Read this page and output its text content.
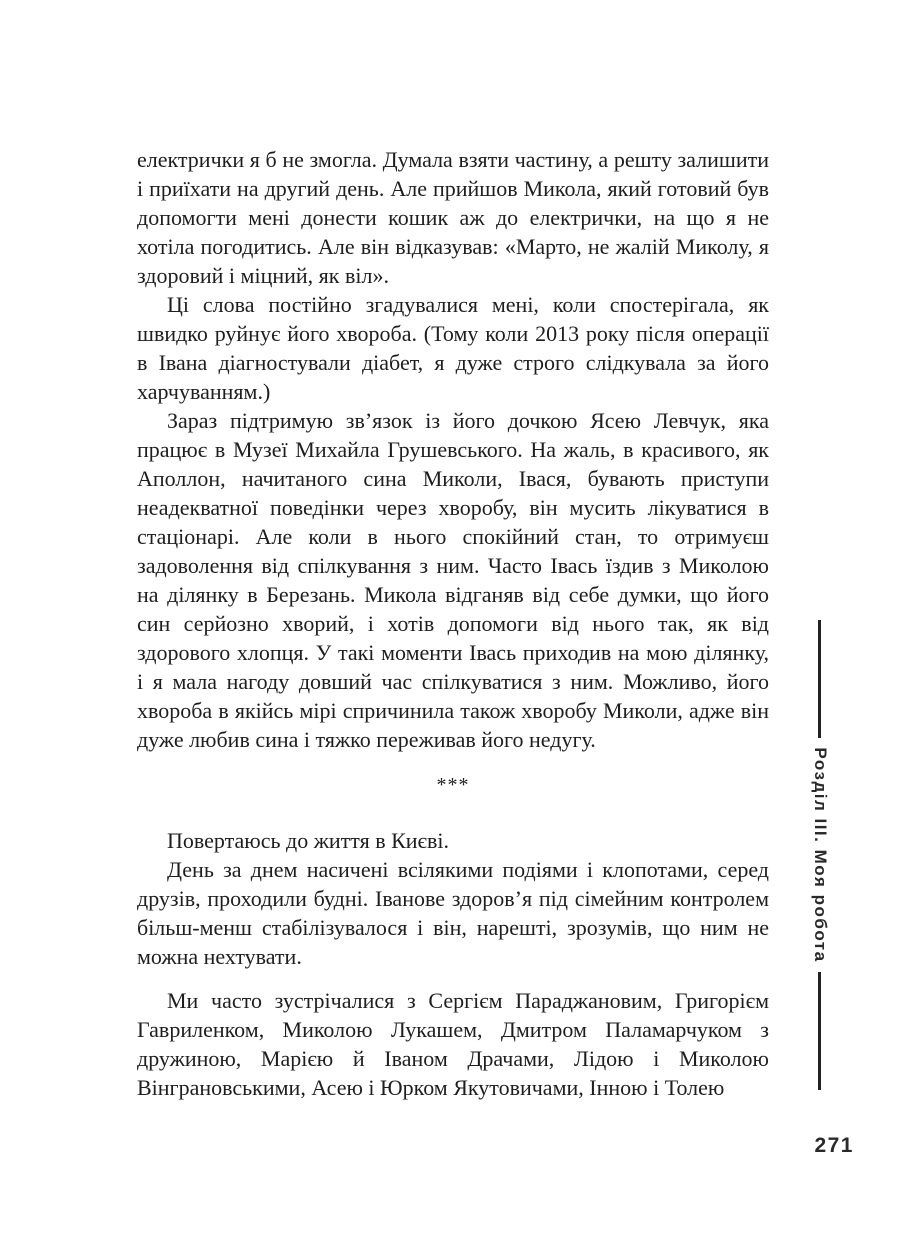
електрички я б не змогла. Думала взяти частину, а решту залишити і приїхати на другий день. Але прийшов Микола, який готовий був допомогти мені донести кошик аж до електрички, на що я не хотіла погодитись. Але він відказував: «Марто, не жалій Миколу, я здоровий і міцний, як віл».

Ці слова постійно згадувалися мені, коли спостерігала, як швидко руйнує його хвороба. (Тому коли 2013 року після операції в Івана діагностували діабет, я дуже строго слідкувала за його харчуванням.)

Зараз підтримую зв’язок із його дочкою Ясею Левчук, яка працює в Музеї Михайла Грушевського. На жаль, в красивого, як Аполлон, начитаного сина Миколи, Івася, бувають приступи неадекватної поведінки через хворобу, він мусить лікуватися в стаціонарі. Але коли в нього спокійний стан, то отримуєш задоволення від спілкування з ним. Часто Івась їздив з Миколою на ділянку в Березань. Микола відганяв від себе думки, що його син серйозно хворий, і хотів допомоги від нього так, як від здорового хлопця. У такі моменти Івась приходив на мою ділянку, і я мала нагоду довший час спілкуватися з ним. Можливо, його хвороба в якійсь мірі спричинила також хворобу Миколи, адже він дуже любив сина і тяжко переживав його недугу.

***

Повертаюсь до життя в Києві.

День за днем насичені всілякими подіями і клопотами, серед друзів, проходили будні. Іванове здоров’я під сімейним контролем більш-менш стабілізувалося і він, нарешті, зрозумів, що ним не можна нехтувати.

Ми часто зустрічалися з Сергієм Параджановим, Григорієм Гавриленком, Миколою Лукашем, Дмитром Паламарчуком з дружиною, Марією й Іваном Драчами, Лідою і Миколою Вінграновськими, Асею і Юрком Якутовичами, Інною і Толею

Розділ III. Моя робота
271
